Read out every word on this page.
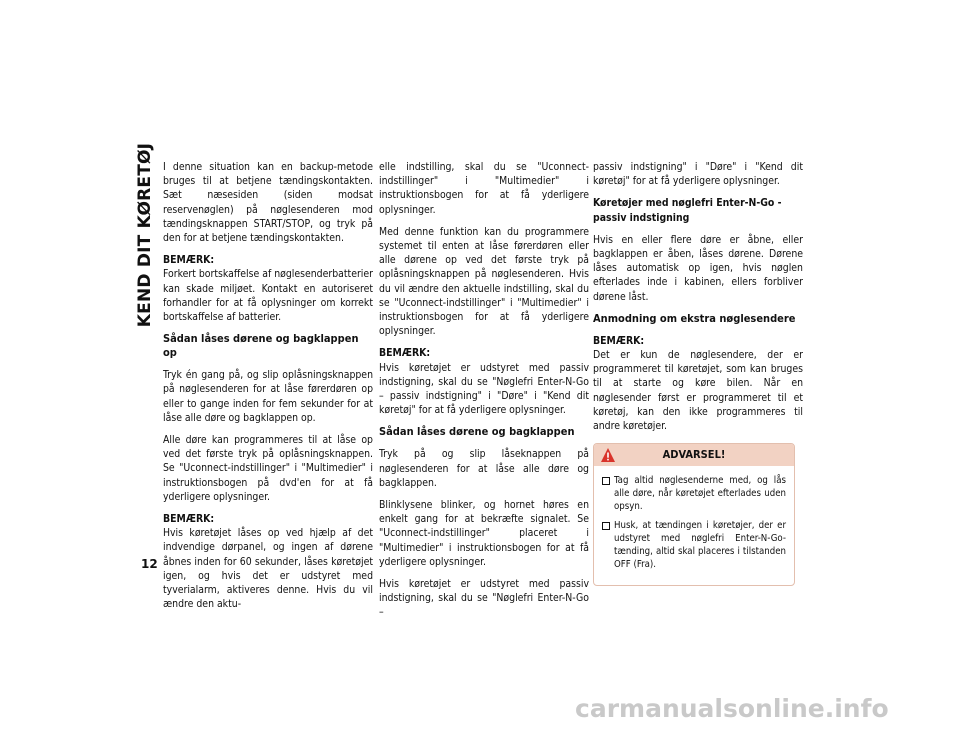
KEND DIT KØRETØJ
12

I denne situation kan en backup-metode bruges til at betjene tændingskontakten. Sæt næsesiden (siden modsat reservenøglen) på nøglesenderen mod tændingsknappen START/STOP, og tryk på den for at betjene tændingskontakten.

BEMÆRK:

Forkert bortskaffelse af nøglesenderbatterier kan skade miljøet. Kontakt en autoriseret forhandler for at få oplysninger om korrekt bortskaffelse af batterier.

Sådan låses dørene og bagklappen op

Tryk én gang på, og slip oplåsningsknappen på nøglesenderen for at låse førerdøren op eller to gange inden for fem sekunder for at låse alle døre og bagklappen op.

Alle døre kan programmeres til at låse op ved det første tryk på oplåsningsknappen. Se "Uconnect-indstillinger" i "Multimedier" i instruktionsbogen på dvd'en for at få yderligere oplysninger.

BEMÆRK:

Hvis køretøjet låses op ved hjælp af det indvendige dørpanel, og ingen af dørene åbnes inden for 60 sekunder, låses køretøjet igen, og hvis det er udstyret med tyverialarm, aktiveres denne. Hvis du vil ændre den aktu-

elle indstilling, skal du se "Uconnect-indstillinger" i "Multimedier" i instruktionsbogen for at få yderligere oplysninger.

Med denne funktion kan du programmere systemet til enten at låse førerdøren eller alle dørene op ved det første tryk på oplåsningsknappen på nøglesenderen. Hvis du vil ændre den aktuelle indstilling, skal du se "Uconnect-indstillinger" i "Multimedier" i instruktionsbogen for at få yderligere oplysninger.

BEMÆRK:

Hvis køretøjet er udstyret med passiv indstigning, skal du se "Nøglefri Enter-N-Go – passiv indstigning" i "Døre" i "Kend dit køretøj" for at få yderligere oplysninger.

Sådan låses dørene og bagklappen

Tryk på og slip låseknappen på nøglesenderen for at låse alle døre og bagklappen.

Blinklysene blinker, og hornet høres en enkelt gang for at bekræfte signalet. Se "Uconnect-indstillinger" placeret i "Multimedier" i instruktionsbogen for at få yderligere oplysninger.

Hvis køretøjet er udstyret med passiv indstigning, skal du se "Nøglefri Enter-N-Go –

passiv indstigning" i "Døre" i "Kend dit køretøj" for at få yderligere oplysninger.

Køretøjer med nøglefri Enter-N-Go - passiv indstigning

Hvis en eller flere døre er åbne, eller bagklappen er åben, låses dørene. Dørene låses automatisk op igen, hvis nøglen efterlades inde i kabinen, ellers forbliver dørene låst.

Anmodning om ekstra nøglesendere

BEMÆRK:

Det er kun de nøglesendere, der er programmeret til køretøjet, som kan bruges til at starte og køre bilen. Når en nøglesender først er programmeret til et køretøj, kan den ikke programmeres til andre køretøjer.

ADVARSEL!
Tag altid nøglesenderne med, og lås alle døre, når køretøjet efterlades uden opsyn.
Husk, at tændingen i køretøjer, der er udstyret med nøglefri Enter-N-Go-tænding, altid skal placeres i tilstanden OFF (Fra).
carmanualsonline.info
